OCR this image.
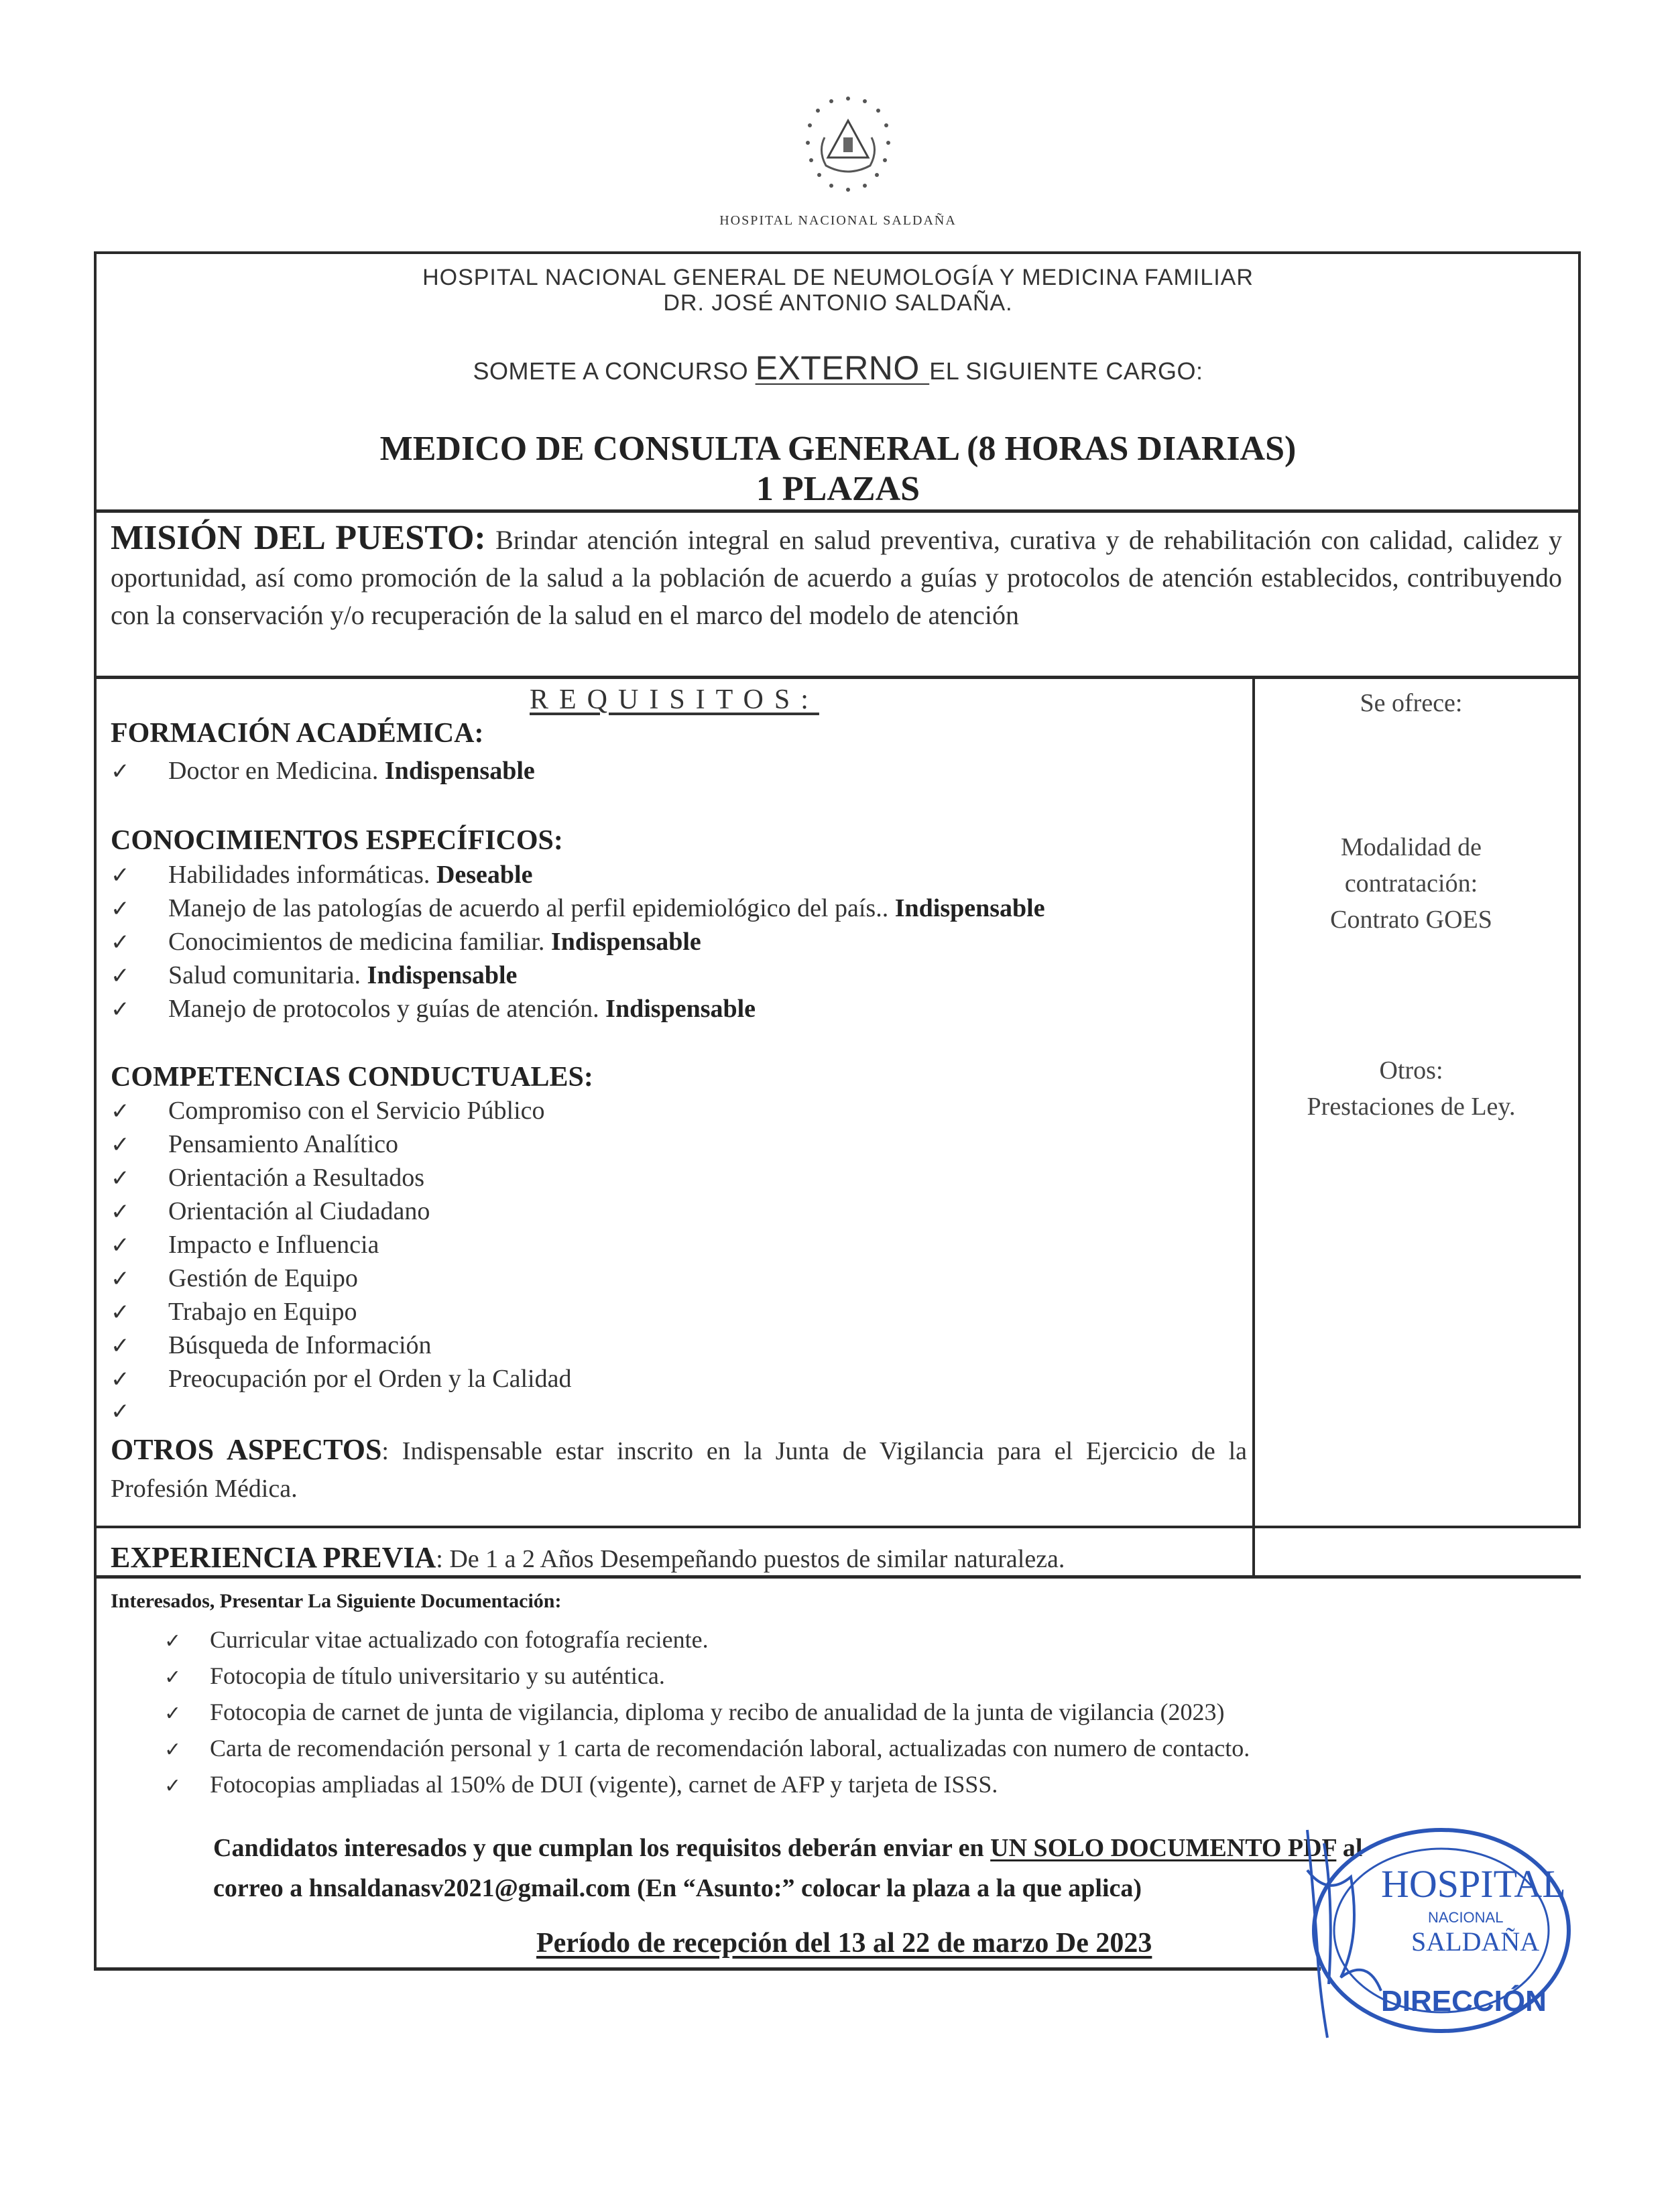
HOSPITAL NACIONAL SALDAÑA
HOSPITAL NACIONAL GENERAL DE NEUMOLOGÍA Y MEDICINA FAMILIAR
DR. JOSÉ ANTONIO SALDAÑA.
SOMETE A CONCURSO EXTERNO EL SIGUIENTE CARGO:
MEDICO DE CONSULTA GENERAL (8 HORAS DIARIAS)
1 PLAZAS
MISIÓN DEL PUESTO: Brindar atención integral en salud preventiva, curativa y de rehabilitación con calidad, calidez y oportunidad, así como promoción de la salud a la población de acuerdo a guías y protocolos de atención establecidos, contribuyendo con la conservación y/o recuperación de la salud en el marco del modelo de atención
REQUISITOS:
FORMACIÓN ACADÉMICA:
✓ Doctor en Medicina. Indispensable
CONOCIMIENTOS ESPECÍFICOS:
✓ Habilidades informáticas. Deseable
✓ Manejo de las patologías de acuerdo al perfil epidemiológico del país.. Indispensable
✓ Conocimientos de medicina familiar. Indispensable
✓ Salud comunitaria. Indispensable
✓ Manejo de protocolos y guías de atención. Indispensable
COMPETENCIAS CONDUCTUALES:
✓ Compromiso con el Servicio Público
✓ Pensamiento Analítico
✓ Orientación a Resultados
✓ Orientación al Ciudadano
✓ Impacto e Influencia
✓ Gestión de Equipo
✓ Trabajo en Equipo
✓ Búsqueda de Información
✓ Preocupación por el Orden y la Calidad
✓
OTROS ASPECTOS: Indispensable estar inscrito en la Junta de Vigilancia para el Ejercicio de la Profesión Médica.
EXPERIENCIA PREVIA: De 1 a 2 Años Desempeñando puestos de similar naturaleza.
Se ofrece:
Modalidad de
contratación:
Contrato GOES
Otros:
Prestaciones de Ley.
Interesados, Presentar La Siguiente Documentación:
✓ Curricular vitae actualizado con fotografía reciente.
✓ Fotocopia de título universitario y su auténtica.
✓ Fotocopia de carnet de junta de vigilancia, diploma y recibo de anualidad de la junta de vigilancia (2023)
✓ Carta de recomendación personal y 1 carta de recomendación laboral, actualizadas con numero de contacto.
✓ Fotocopias ampliadas al 150% de DUI (vigente), carnet de AFP y tarjeta de ISSS.
Candidatos interesados y que cumplan los requisitos deberán enviar en UN SOLO DOCUMENTO PDF al
correo a hnsaldanasv2021@gmail.com (En “Asunto:” colocar la plaza a la que aplica)
Período de recepción del 13 al 22 de marzo De 2023
HOSPITAL
NACIONAL
SALDAÑA
DIRECCIÓN
